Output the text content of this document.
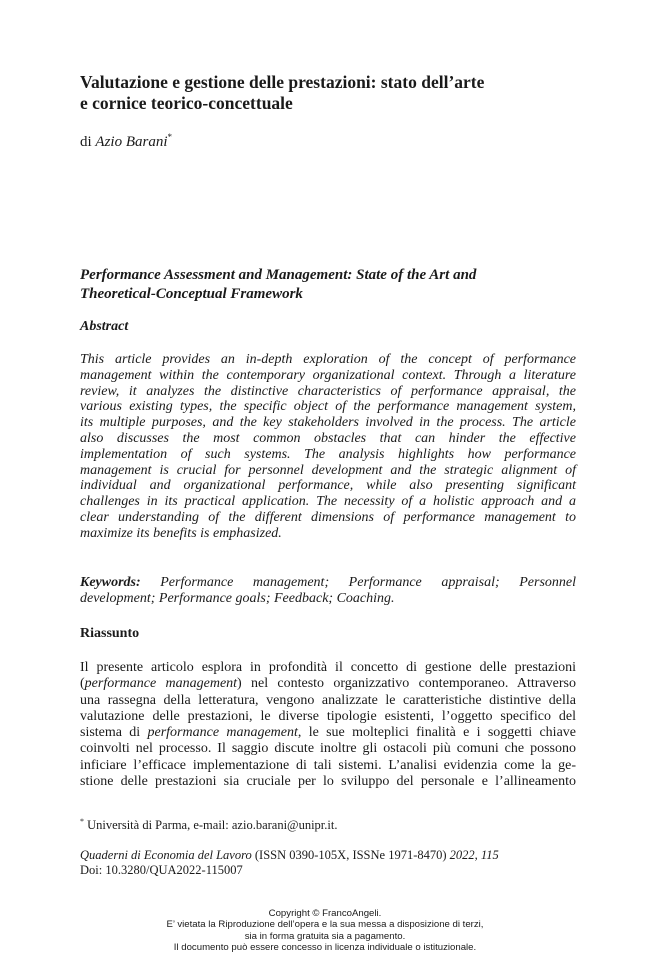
Valutazione e gestione delle prestazioni: stato dell’arte
e cornice teorico-concettuale
di Azio Barani*
Performance Assessment and Management: State of the Art and
Theoretical-Conceptual Framework
Abstract
This article provides an in-depth exploration of the concept of performance
management within the contemporary organizational context. Through a literature
review, it analyzes the distinctive characteristics of performance appraisal, the
various existing types, the specific object of the performance management system,
its multiple purposes, and the key stakeholders involved in the process. The article
also discusses the most common obstacles that can hinder the effective
implementation of such systems. The analysis highlights how performance
management is crucial for personnel development and the strategic alignment of
individual and organizational performance, while also presenting significant
challenges in its practical application. The necessity of a holistic approach and a
clear understanding of the different dimensions of performance management to
maximize its benefits is emphasized.
Keywords: Performance management; Performance appraisal; Personnel
development; Performance goals; Feedback; Coaching.
Riassunto
Il presente articolo esplora in profondità il concetto di gestione delle prestazioni
(performance management) nel contesto organizzativo contemporaneo. Attraverso
una rassegna della letteratura, vengono analizzate le caratteristiche distintive della
valutazione delle prestazioni, le diverse tipologie esistenti, l’oggetto specifico del
sistema di performance management, le sue molteplici finalità e i soggetti chiave
coinvolti nel processo. Il saggio discute inoltre gli ostacoli più comuni che possono
inficiare l’efficace implementazione di tali sistemi. L’analisi evidenzia come la ge-
stione delle prestazioni sia cruciale per lo sviluppo del personale e l’allineamento
* Università di Parma, e-mail: azio.barani@unipr.it.
Quaderni di Economia del Lavoro (ISSN 0390-105X, ISSNe 1971-8470) 2022, 115
Doi: 10.3280/QUA2022-115007
Copyright © FrancoAngeli.
E’ vietata la Riproduzione dell’opera e la sua messa a disposizione di terzi,
sia in forma gratuita sia a pagamento.
Il documento può essere concesso in licenza individuale o istituzionale.
